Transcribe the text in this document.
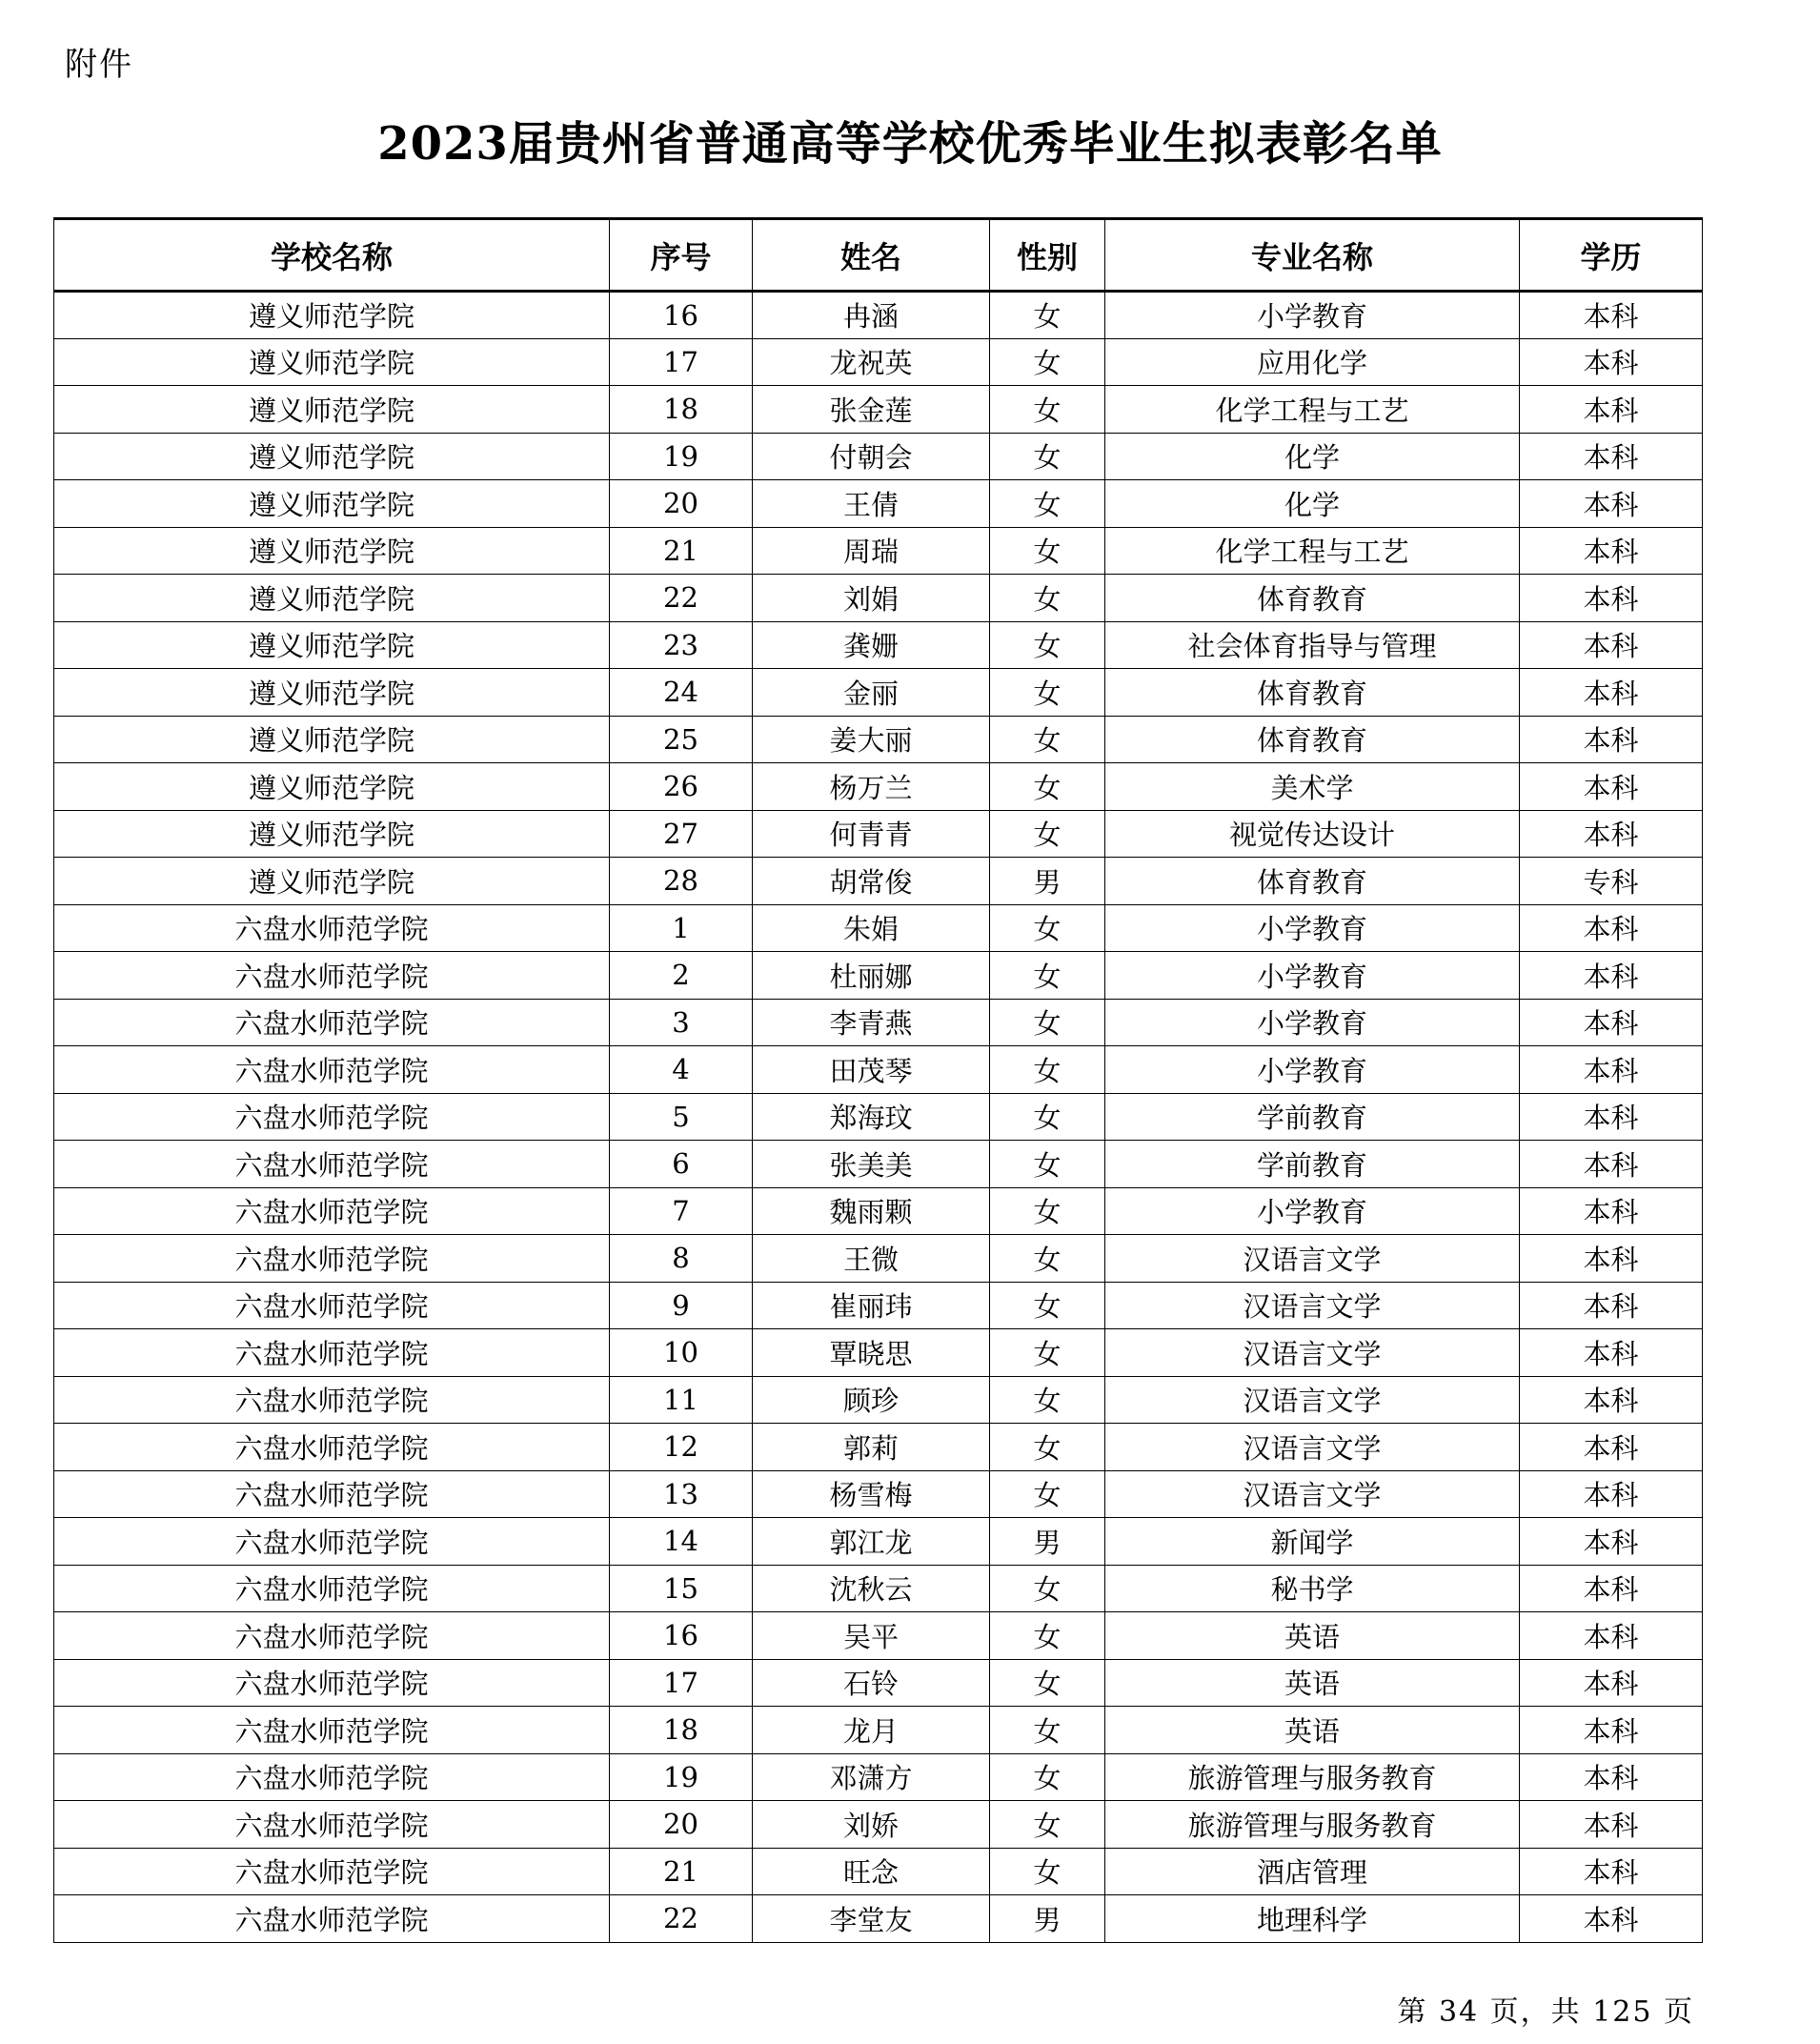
附件
2023届贵州省普通高等学校优秀毕业生拟表彰名单
学校名称	序号	姓名	性别	专业名称	学历
遵义师范学院	16	冉涵	女	小学教育	本科
遵义师范学院	17	龙祝英	女	应用化学	本科
遵义师范学院	18	张金莲	女	化学工程与工艺	本科
遵义师范学院	19	付朝会	女	化学	本科
遵义师范学院	20	王倩	女	化学	本科
遵义师范学院	21	周瑞	女	化学工程与工艺	本科
遵义师范学院	22	刘娟	女	体育教育	本科
遵义师范学院	23	龚姗	女	社会体育指导与管理	本科
遵义师范学院	24	金丽	女	体育教育	本科
遵义师范学院	25	姜大丽	女	体育教育	本科
遵义师范学院	26	杨万兰	女	美术学	本科
遵义师范学院	27	何青青	女	视觉传达设计	本科
遵义师范学院	28	胡常俊	男	体育教育	专科
六盘水师范学院	1	朱娟	女	小学教育	本科
六盘水师范学院	2	杜丽娜	女	小学教育	本科
六盘水师范学院	3	李青燕	女	小学教育	本科
六盘水师范学院	4	田茂琴	女	小学教育	本科
六盘水师范学院	5	郑海玟	女	学前教育	本科
六盘水师范学院	6	张美美	女	学前教育	本科
六盘水师范学院	7	魏雨颗	女	小学教育	本科
六盘水师范学院	8	王微	女	汉语言文学	本科
六盘水师范学院	9	崔丽玮	女	汉语言文学	本科
六盘水师范学院	10	覃晓思	女	汉语言文学	本科
六盘水师范学院	11	顾珍	女	汉语言文学	本科
六盘水师范学院	12	郭莉	女	汉语言文学	本科
六盘水师范学院	13	杨雪梅	女	汉语言文学	本科
六盘水师范学院	14	郭江龙	男	新闻学	本科
六盘水师范学院	15	沈秋云	女	秘书学	本科
六盘水师范学院	16	吴平	女	英语	本科
六盘水师范学院	17	石铃	女	英语	本科
六盘水师范学院	18	龙月	女	英语	本科
六盘水师范学院	19	邓潇方	女	旅游管理与服务教育	本科
六盘水师范学院	20	刘娇	女	旅游管理与服务教育	本科
六盘水师范学院	21	旺念	女	酒店管理	本科
六盘水师范学院	22	李堂友	男	地理科学	本科
第 34 页，共 125 页
